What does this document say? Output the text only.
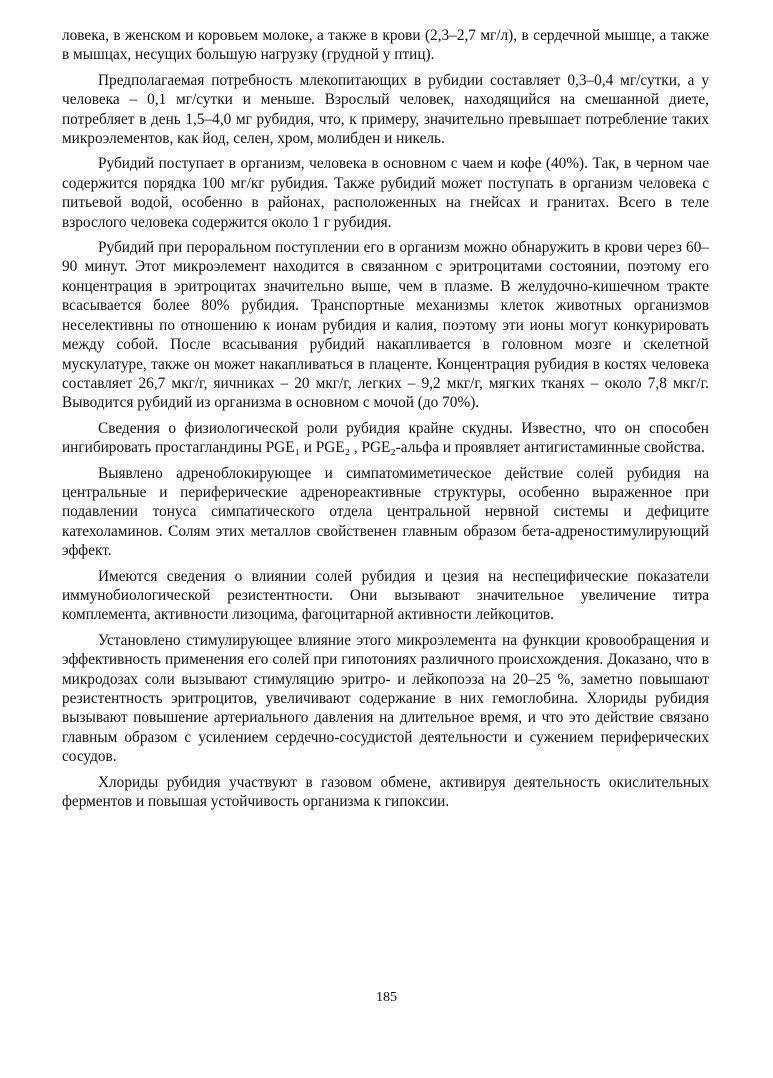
ловека, в женском и коровьем молоке, а также в крови (2,3–2,7 мг/л), в сердечной мышце, а также в мышцах, несущих большую нагрузку (грудной у птиц).

Предполагаемая потребность млекопитающих в рубидии составляет 0,3–0,4 мг/сутки, а у человека – 0,1 мг/сутки и меньше. Взрослый человек, находящийся на смешанной диете, потребляет в день 1,5–4,0 мг рубидия, что, к примеру, значительно превышает потребление таких микроэлементов, как йод, селен, хром, молибден и никель.

Рубидий поступает в организм, человека в основном с чаем и кофе (40%). Так, в черном чае содержится порядка 100 мг/кг рубидия. Также рубидий может поступать в организм человека с питьевой водой, особенно в районах, расположенных на гнейсах и гранитах. Всего в теле взрослого человека содержится около 1 г рубидия.

Рубидий при пероральном поступлении его в организм можно обнаружить в крови через 60–90 минут. Этот микроэлемент находится в связанном с эритроцитами состоянии, поэтому его концентрация в эритроцитах значительно выше, чем в плазме. В желудочно-кишечном тракте всасывается более 80% рубидия. Транспортные механизмы клеток животных организмов неселективны по отношению к ионам рубидия и калия, поэтому эти ионы могут конкурировать между собой. После всасывания рубидий накапливается в головном мозге и скелетной мускулатуре, также он может накапливаться в плаценте. Концентрация рубидия в костях человека составляет 26,7 мкг/г, яичниках – 20 мкг/г, легких – 9,2 мкг/г, мягких тканях – около 7,8 мкг/г. Выводится рубидий из организма в основном с мочой (до 70%).

Сведения о физиологической роли рубидия крайне скудны. Известно, что он способен ингибировать простагландины PGE₁ и PGE₂ , PGE₂-альфа и проявляет антигистаминные свойства.

Выявлено адреноблокирующее и симпатомиметическое действие солей рубидия на центральные и периферические адренореактивные структуры, особенно выраженное при подавлении тонуса симпатического отдела центральной нервной системы и дефиците катехоламинов. Солям этих металлов свойственен главным образом бета-адреностимулирующий эффект.

Имеются сведения о влиянии солей рубидия и цезия на неспецифические показатели иммунобиологической резистентности. Они вызывают значительное увеличение титра комплемента, активности лизоцима, фагоцитарной активности лейкоцитов.

Установлено стимулирующее влияние этого микроэлемента на функции кровообращения и эффективность применения его солей при гипотониях различного происхождения. Доказано, что в микродозах соли вызывают стимуляцию эритро- и лейкопоэза на 20–25 %, заметно повышают резистентность эритроцитов, увеличивают содержание в них гемоглобина. Хлориды рубидия вызывают повышение артериального давления на длительное время, и что это действие связано главным образом с усилением сердечно-сосудистой деятельности и сужением периферических сосудов.

Хлориды рубидия участвуют в газовом обмене, активируя деятельность окислительных ферментов и повышая устойчивость организма к гипоксии.

185
